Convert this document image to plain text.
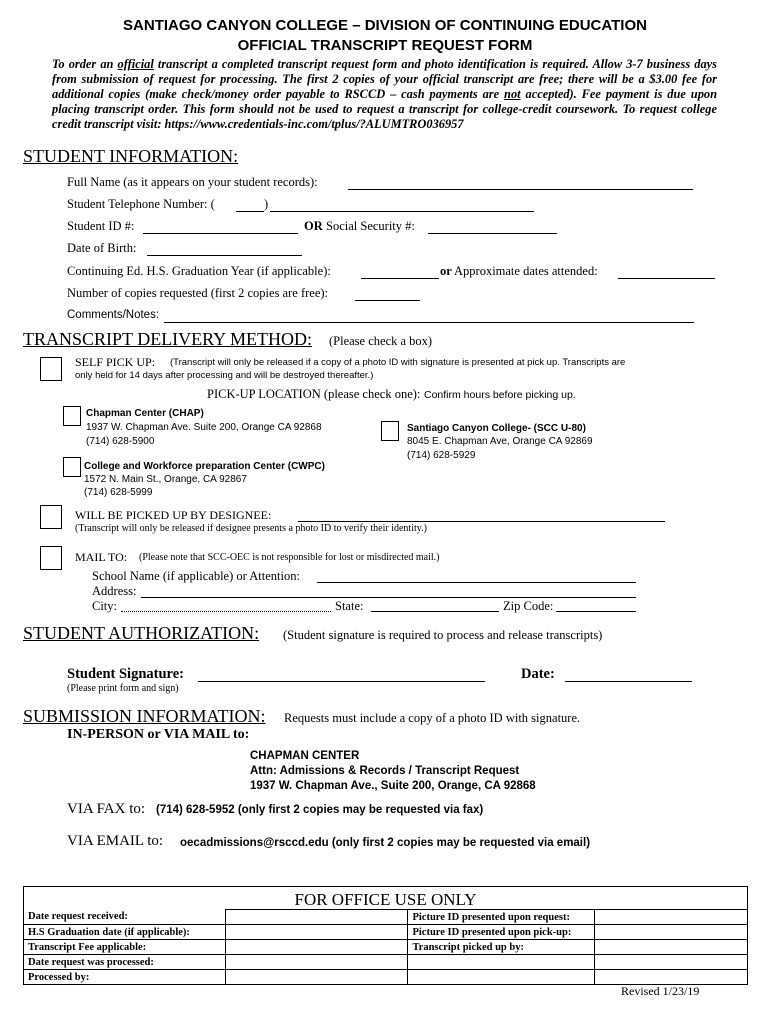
SANTIAGO CANYON COLLEGE – DIVISION OF CONTINUING EDUCATION
OFFICIAL TRANSCRIPT REQUEST FORM
To order an official transcript a completed transcript request form and photo identification is required. Allow 3-7 business days from submission of request for processing. The first 2 copies of your official transcript are free; there will be a $3.00 fee for additional copies (make check/money order payable to RSCCD – cash payments are not accepted). Fee payment is due upon placing transcript order. This form should not be used to request a transcript for college-credit coursework. To request college credit transcript visit: https://www.credentials-inc.com/tplus/?ALUMTRO036957
STUDENT INFORMATION:
Full Name (as it appears on your student records):
Student Telephone Number: (	)
Student ID #:	OR Social Security #:
Date of Birth:
Continuing Ed. H.S. Graduation Year (if applicable):	or Approximate dates attended:
Number of copies requested (first 2 copies are free):
Comments/Notes:
TRANSCRIPT DELIVERY METHOD: (Please check a box)
SELF PICK UP: (Transcript will only be released if a copy of a photo ID with signature is presented at pick up. Transcripts are
only held for 14 days after processing and will be destroyed thereafter.)
PICK-UP LOCATION (please check one): Confirm hours before picking up.
Chapman Center (CHAP)
1937 W. Chapman Ave. Suite 200, Orange CA 92868
(714) 628-5900
Santiago Canyon College- (SCC U-80)
8045 E. Chapman Ave, Orange CA 92869
(714) 628-5929
College and Workforce preparation Center (CWPC)
1572 N. Main St., Orange, CA 92867
(714) 628-5999
WILL BE PICKED UP BY DESIGNEE:
(Transcript will only be released if designee presents a photo ID to verify their identity.)
MAIL TO: (Please note that SCC-OEC is not responsible for lost or misdirected mail.)
School Name (if applicable) or Attention:
Address:
City:	State:	Zip Code:
STUDENT AUTHORIZATION: (Student signature is required to process and release transcripts)
Student Signature:	Date:
(Please print form and sign)
SUBMISSION INFORMATION: Requests must include a copy of a photo ID with signature.
IN-PERSON or VIA MAIL to:
CHAPMAN CENTER
Attn: Admissions & Records / Transcript Request
1937 W. Chapman Ave., Suite 200, Orange, CA 92868
VIA FAX to: (714) 628-5952 (only first 2 copies may be requested via fax)
VIA EMAIL to: oecadmissions@rsccd.edu (only first 2 copies may be requested via email)
FOR OFFICE USE ONLY			
Date request received:		Picture ID presented upon request:	
H.S Graduation date (if applicable):		Picture ID presented upon pick-up:	
Transcript Fee applicable:		Transcript picked up by:	
Date request was processed:			
Processed by:			
Revised 1/23/19
